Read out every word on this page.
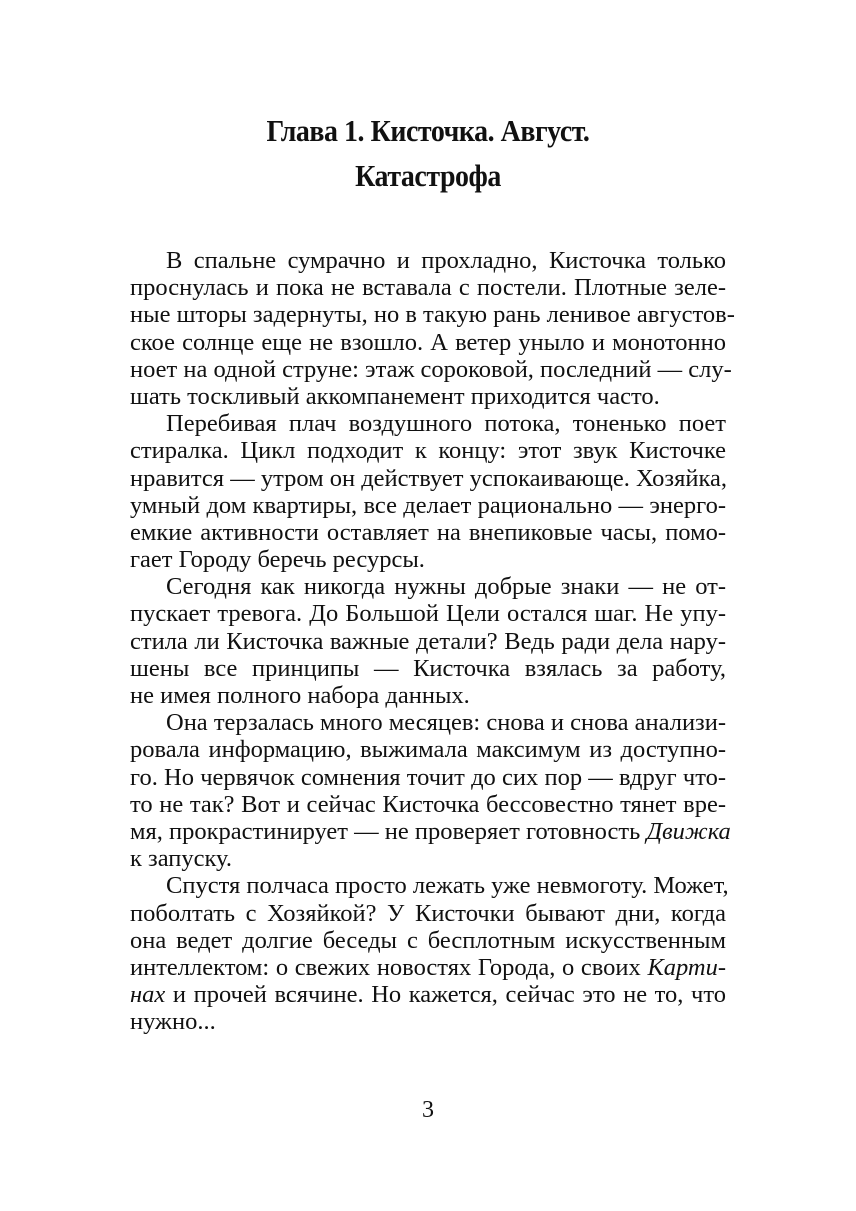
Глава 1. Кисточка. Август.
Катастрофа
В спальне сумрачно и прохладно, Кисточка только
проснулась и пока не вставала с постели. Плотные зеле-
ные шторы задернуты, но в такую рань ленивое августов-
ское солнце еще не взошло. А ветер уныло и монотонно
ноет на одной струне: этаж сороковой, последний — слу-
шать тоскливый аккомпанемент приходится часто.
Перебивая плач воздушного потока, тоненько поет
стиралка. Цикл подходит к концу: этот звук Кисточке
нравится — утром он действует успокаивающе. Хозяйка,
умный дом квартиры, все делает рационально — энерго-
емкие активности оставляет на внепиковые часы, помо-
гает Городу беречь ресурсы.
Сегодня как никогда нужны добрые знаки — не от-
пускает тревога. До Большой Цели остался шаг. Не упу-
стила ли Кисточка важные детали? Ведь ради дела нару-
шены все принципы — Кисточка взялась за работу,
не имея полного набора данных.
Она терзалась много месяцев: снова и снова анализи-
ровала информацию, выжимала максимум из доступно-
го. Но червячок сомнения точит до сих пор — вдруг что-
то не так? Вот и сейчас Кисточка бессовестно тянет вре-
мя, прокрастинирует — не проверяет готовность Движка
к запуску.
Спустя полчаса просто лежать уже невмоготу. Может,
поболтать с Хозяйкой? У Кисточки бывают дни, когда
она ведет долгие беседы с бесплотным искусственным
интеллектом: о свежих новостях Города, о своих Карти-
нах и прочей всячине. Но кажется, сейчас это не то, что
нужно...
3
